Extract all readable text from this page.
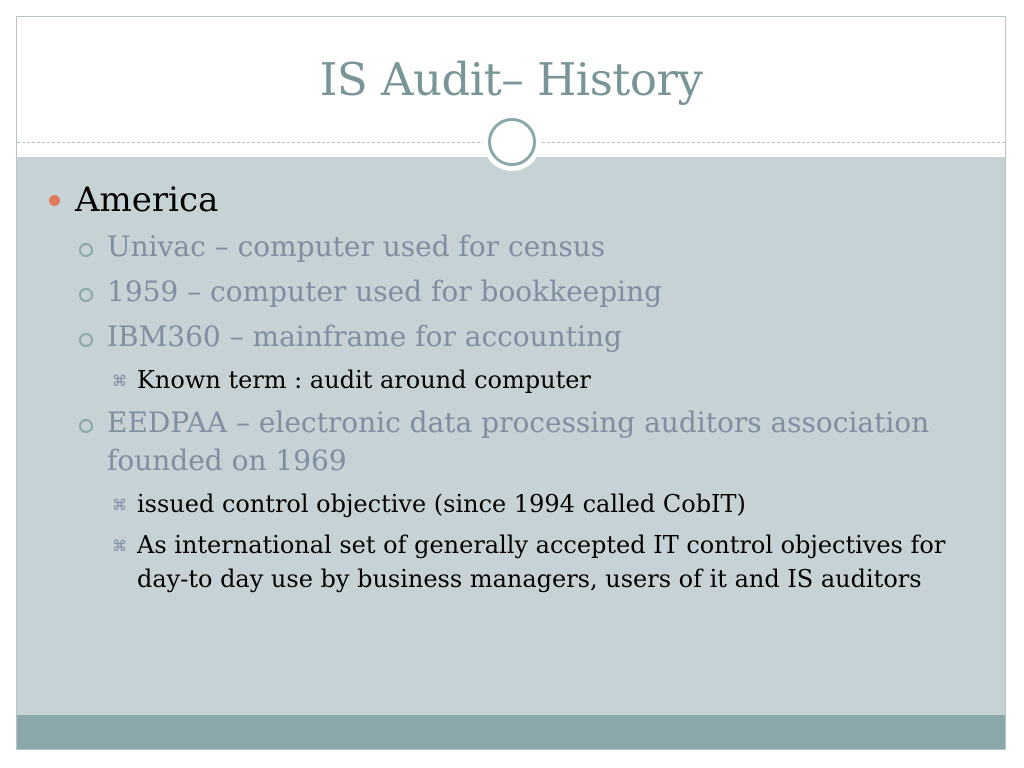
IS Audit– History
America
Univac – computer used for census
1959 – computer used for bookkeeping
IBM360 – mainframe for accounting
⌘ Known term : audit around computer
EEDPAA – electronic data processing auditors association
founded on 1969
⌘ issued control objective (since 1994 called CobIT)
⌘ As international set of generally accepted IT control objectives for
day-to day use by business managers, users of it and IS auditors
